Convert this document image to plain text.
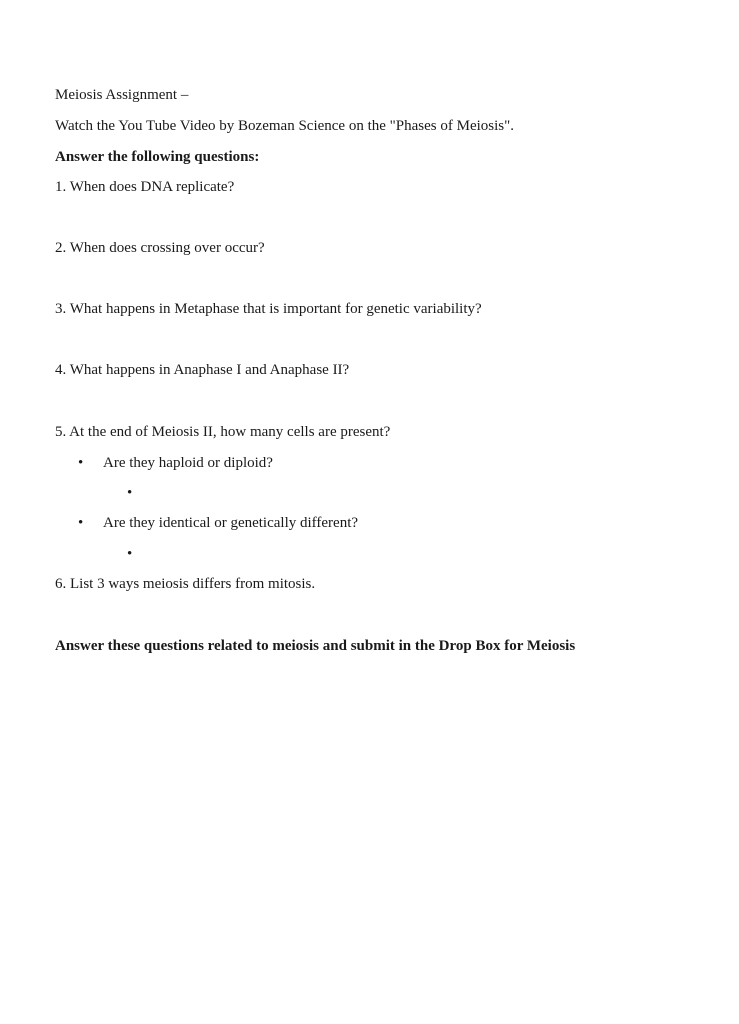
Meiosis Assignment –
Watch the You Tube Video by Bozeman Science on the "Phases of Meiosis".
Answer the following questions:
1. When does DNA replicate?
2. When does crossing over occur?
3. What happens in Metaphase that is important for genetic variability?
4. What happens in Anaphase I and Anaphase II?
5. At the end of Meiosis II, how many cells are present?
• Are they haploid or diploid?
•
• Are they identical or genetically different?
•
6. List 3 ways meiosis differs from mitosis.
Answer these questions related to meiosis and submit in the Drop Box for Meiosis
